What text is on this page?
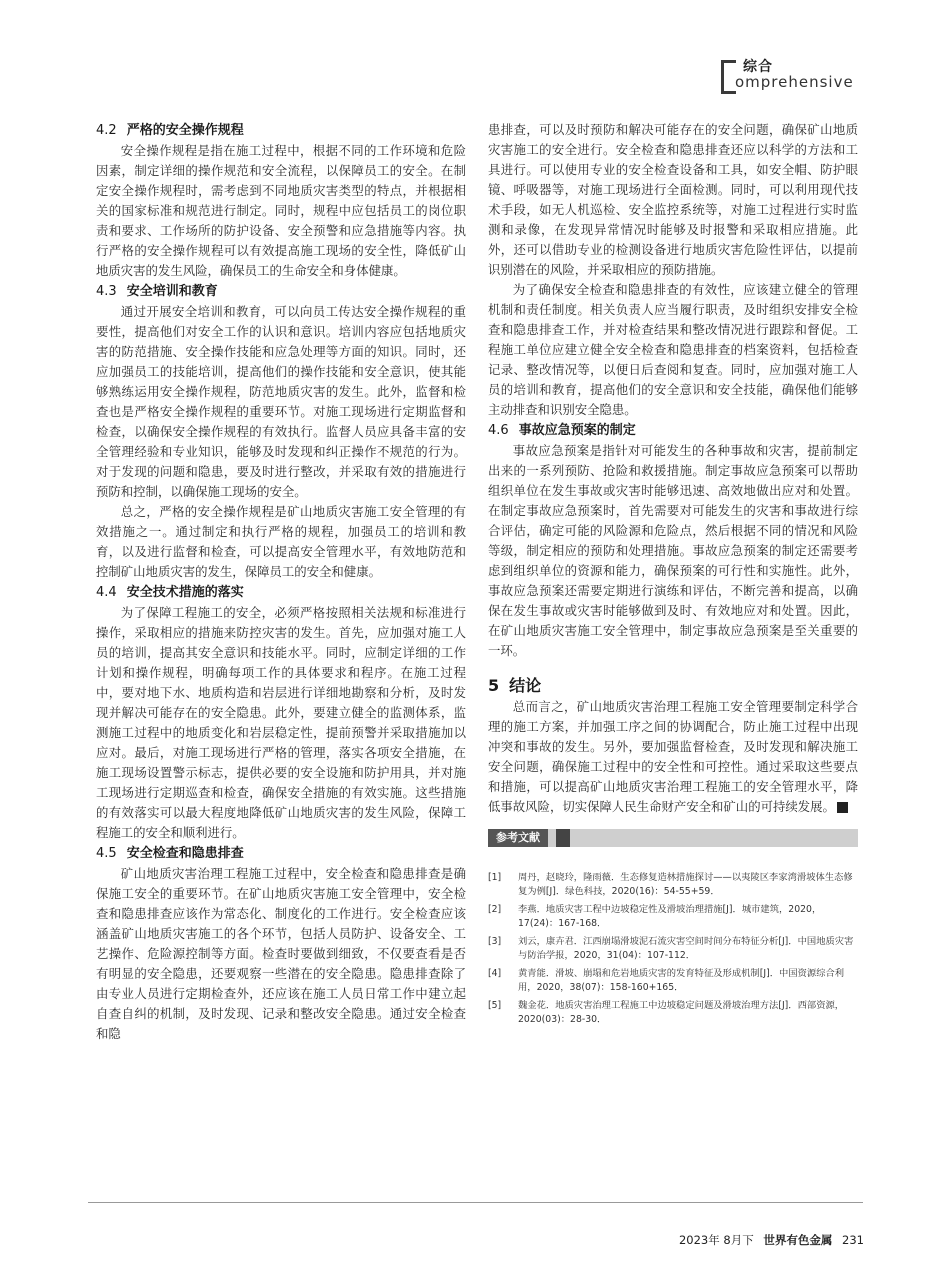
综合
omprehensive
4.2 严格的安全操作规程

安全操作规程是指在施工过程中，根据不同的工作环境和危险因素，制定详细的操作规范和安全流程，以保障员工的安全。在制定安全操作规程时，需考虑到不同地质灾害类型的特点，并根据相关的国家标准和规范进行制定。同时，规程中应包括员工的岗位职责和要求、工作场所的防护设备、安全预警和应急措施等内容。执行严格的安全操作规程可以有效提高施工现场的安全性，降低矿山地质灾害的发生风险，确保员工的生命安全和身体健康。

4.3 安全培训和教育

通过开展安全培训和教育，可以向员工传达安全操作规程的重要性，提高他们对安全工作的认识和意识。培训内容应包括地质灾害的防范措施、安全操作技能和应急处理等方面的知识。同时，还应加强员工的技能培训，提高他们的操作技能和安全意识，使其能够熟练运用安全操作规程，防范地质灾害的发生。此外，监督和检查也是严格安全操作规程的重要环节。对施工现场进行定期监督和检查，以确保安全操作规程的有效执行。监督人员应具备丰富的安全管理经验和专业知识，能够及时发现和纠正操作不规范的行为。对于发现的问题和隐患，要及时进行整改，并采取有效的措施进行预防和控制，以确保施工现场的安全。

总之，严格的安全操作规程是矿山地质灾害施工安全管理的有效措施之一。通过制定和执行严格的规程，加强员工的培训和教育，以及进行监督和检查，可以提高安全管理水平，有效地防范和控制矿山地质灾害的发生，保障员工的安全和健康。

4.4 安全技术措施的落实

为了保障工程施工的安全，必须严格按照相关法规和标准进行操作，采取相应的措施来防控灾害的发生。首先，应加强对施工人员的培训，提高其安全意识和技能水平。同时，应制定详细的工作计划和操作规程，明确每项工作的具体要求和程序。在施工过程中，要对地下水、地质构造和岩层进行详细地勘察和分析，及时发现并解决可能存在的安全隐患。此外，要建立健全的监测体系，监测施工过程中的地质变化和岩层稳定性，提前预警并采取措施加以应对。最后，对施工现场进行严格的管理，落实各项安全措施，在施工现场设置警示标志，提供必要的安全设施和防护用具，并对施工现场进行定期巡查和检查，确保安全措施的有效实施。这些措施的有效落实可以最大程度地降低矿山地质灾害的发生风险，保障工程施工的安全和顺利进行。

4.5 安全检查和隐患排查

矿山地质灾害治理工程施工过程中，安全检查和隐患排查是确保施工安全的重要环节。在矿山地质灾害施工安全管理中，安全检查和隐患排查应该作为常态化、制度化的工作进行。安全检查应该涵盖矿山地质灾害施工的各个环节，包括人员防护、设备安全、工艺操作、危险源控制等方面。检查时要做到细致，不仅要查看是否有明显的安全隐患，还要观察一些潜在的安全隐患。隐患排查除了由专业人员进行定期检查外，还应该在施工人员日常工作中建立起自查自纠的机制，及时发现、记录和整改安全隐患。通过安全检查和隐

患排查，可以及时预防和解决可能存在的安全问题，确保矿山地质灾害施工的安全进行。安全检查和隐患排查还应以科学的方法和工具进行。可以使用专业的安全检查设备和工具，如安全帽、防护眼镜、呼吸器等，对施工现场进行全面检测。同时，可以利用现代技术手段，如无人机巡检、安全监控系统等，对施工过程进行实时监测和录像，在发现异常情况时能够及时报警和采取相应措施。此外，还可以借助专业的检测设备进行地质灾害危险性评估，以提前识别潜在的风险，并采取相应的预防措施。

为了确保安全检查和隐患排查的有效性，应该建立健全的管理机制和责任制度。相关负责人应当履行职责，及时组织安排安全检查和隐患排查工作，并对检查结果和整改情况进行跟踪和督促。工程施工单位应建立健全安全检查和隐患排查的档案资料，包括检查记录、整改情况等，以便日后查阅和复查。同时，应加强对施工人员的培训和教育，提高他们的安全意识和安全技能，确保他们能够主动排查和识别安全隐患。

4.6 事故应急预案的制定

事故应急预案是指针对可能发生的各种事故和灾害，提前制定出来的一系列预防、抢险和救援措施。制定事故应急预案可以帮助组织单位在发生事故或灾害时能够迅速、高效地做出应对和处置。在制定事故应急预案时，首先需要对可能发生的灾害和事故进行综合评估，确定可能的风险源和危险点，然后根据不同的情况和风险等级，制定相应的预防和处理措施。事故应急预案的制定还需要考虑到组织单位的资源和能力，确保预案的可行性和实施性。此外，事故应急预案还需要定期进行演练和评估，不断完善和提高，以确保在发生事故或灾害时能够做到及时、有效地应对和处置。因此，在矿山地质灾害施工安全管理中，制定事故应急预案是至关重要的一环。

5 结论

总而言之，矿山地质灾害治理工程施工安全管理要制定科学合理的施工方案，并加强工序之间的协调配合，防止施工过程中出现冲突和事故的发生。另外，要加强监督检查，及时发现和解决施工安全问题，确保施工过程中的安全性和可控性。通过采取这些要点和措施，可以提高矿山地质灾害治理工程施工的安全管理水平，降低事故风险，切实保障人民生命财产安全和矿山的可持续发展。	册

参考文献
[1] 周丹，赵晓玲，隆雨薇．生态修复造林措施探讨——以夷陵区李家湾滑坡体生态修复为例[J]．绿色科技，2020(16)：54-55+59．
[2] 李燕．地质灾害工程中边坡稳定性及滑坡治理措施[J]．城市建筑，2020，17(24)：167-168．
[3] 刘云，康卉君．江西崩塌滑坡泥石流灾害空间时间分布特征分析[J]．中国地质灾害与防治学报，2020，31(04)：107-112．
[4] 黄青能．滑坡、崩塌和危岩地质灾害的发育特征及形成机制[J]．中国资源综合利用，2020，38(07)：158-160+165．
[5] 魏金花．地质灾害治理工程施工中边坡稳定问题及滑坡治理方法[J]．西部资源，2020(03)：28-30．
2023年 8月下 世界有色金属 231
